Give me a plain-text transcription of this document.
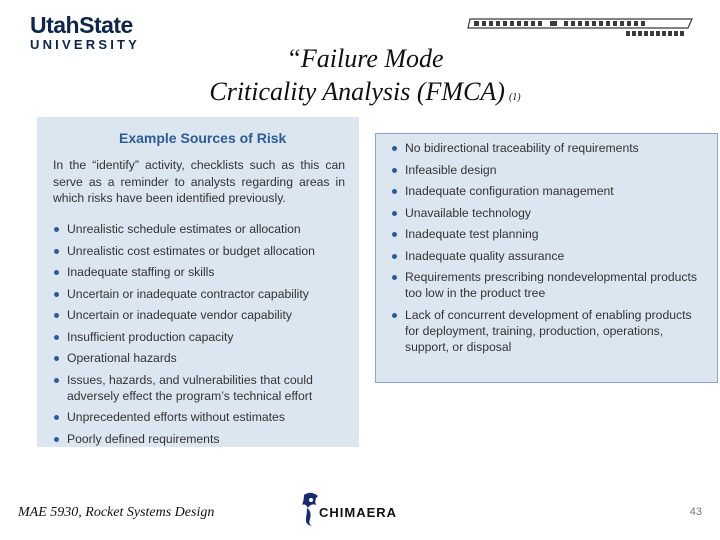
UtahState
UNIVERSITY	“Failure Mode
Criticality Analysis (FMCA) (1)
Example Sources of Risk
In the “identify” activity, checklists such as this can serve as a reminder to analysts regarding areas in which risks have been identified previously.
Unrealistic schedule estimates or allocation
Unrealistic cost estimates or budget allocation
Inadequate staffing or skills
Uncertain or inadequate contractor capability
Uncertain or inadequate vendor capability
Insufficient production capacity
Operational hazards
Issues, hazards, and vulnerabilities that could adversely effect the program’s technical effort
Unprecedented efforts without estimates
Poorly defined requirements
No bidirectional traceability of requirements
Infeasible design
Inadequate configuration management
Unavailable technology
Inadequate test planning
Inadequate quality assurance
Requirements prescribing nondevelopmental products too low in the product tree
Lack of concurrent development of enabling products for deployment, training, production, operations, support, or disposal
MAE 5930, Rocket Systems Design	CHIMAERA	43
